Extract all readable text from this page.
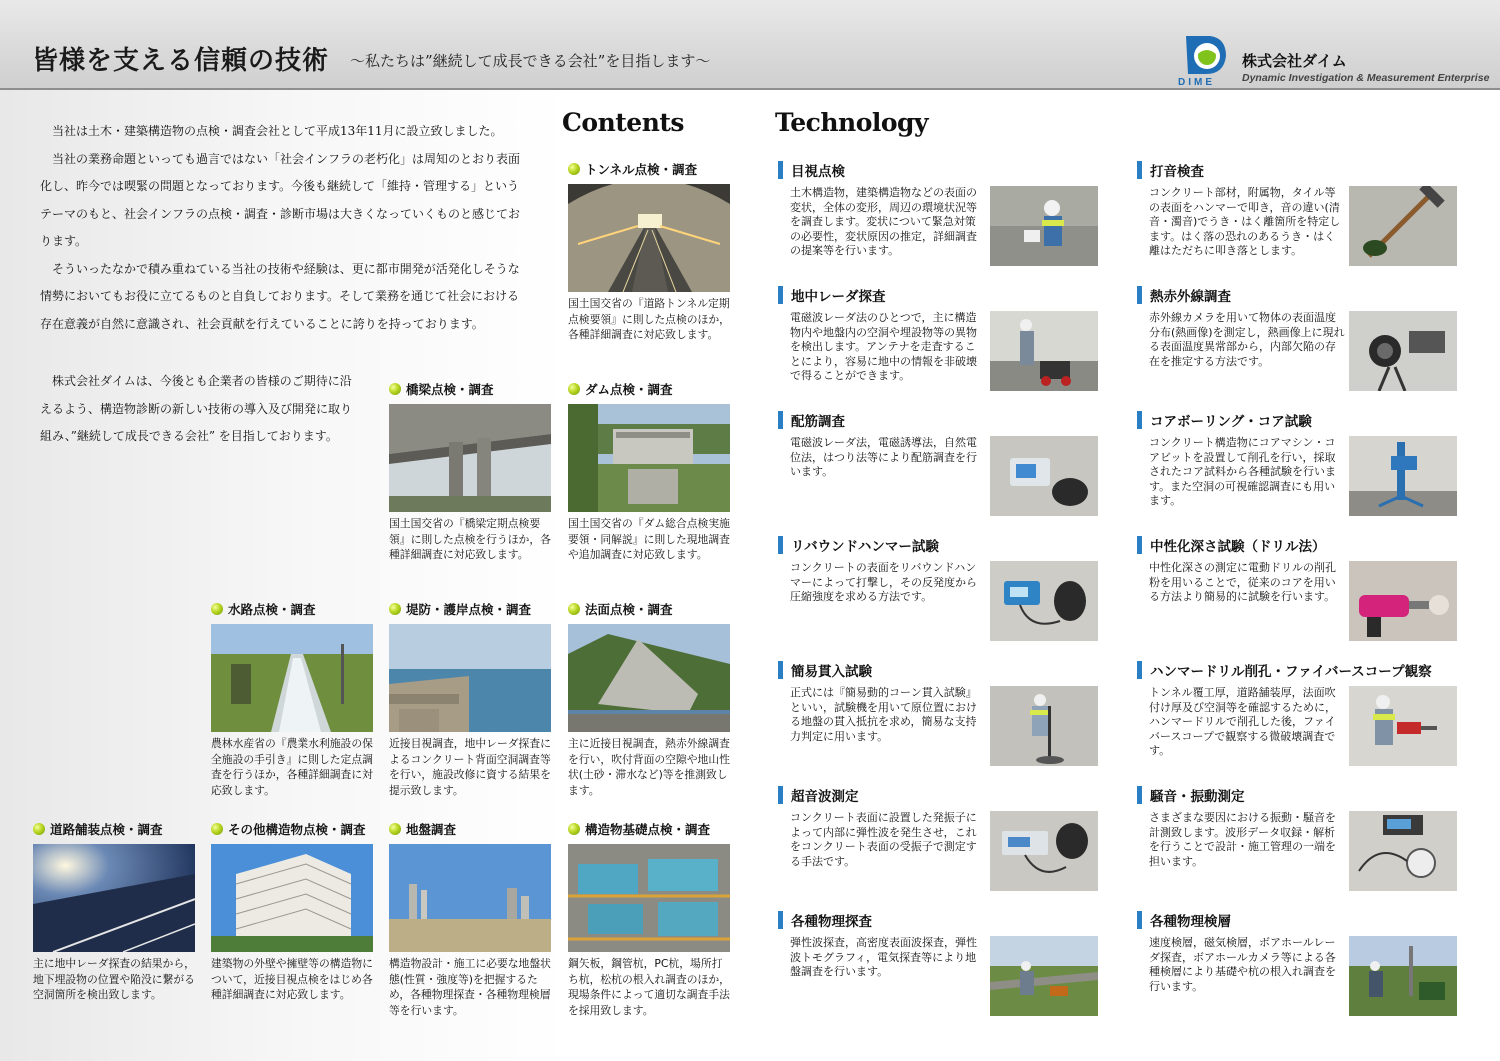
皆様を支える信頼の技術 ～私たちは”継続して成長できる会社”を目指します～
DIME
株式会社ダイム
Dynamic Investigation & Measurement Enterprise

当社は土木・建築構造物の点検・調査会社として平成13年11月に設立致しました。

当社の業務命題といっても過言ではない「社会インフラの老朽化」は周知のとおり表面化し、昨今では喫緊の問題となっております。今後も継続して「維持・管理する」というテーマのもと、社会インフラの点検・調査・診断市場は大きくなっていくものと感じております。

そういったなかで積み重ねている当社の技術や経験は、更に都市開発が活発化しそうな情勢においてもお役に立てるものと自負しております。そして業務を通じて社会における存在意義が自然に意識され、社会貢献を行えていることに誇りを持っております。

株式会社ダイムは、今後とも企業者の皆様のご期待に沿えるよう、構造物診断の新しい技術の導入及び開発に取り組み、”継続して成長できる会社” を目指しております。
Contents	Technology
トンネル点検・調査
国土国交省の『道路トンネル定期点検要領』に則した点検のほか，各種詳細調査に対応致します。
橋梁点検・調査
国土国交省の『橋梁定期点検要領』に則した点検を行うほか，各種詳細調査に対応致します。
ダム点検・調査
国土国交省の『ダム総合点検実施要領・同解説』に則した現地調査や追加調査に対応致します。
水路点検・調査
農林水産省の『農業水利施設の保全施設の手引き』に則した定点調査を行うほか，各種詳細調査に対応致します。
堤防・護岸点検・調査
近接目視調査，地中レーダ探査によるコンクリート背面空洞調査等を行い，施設改修に資する結果を提示致します。
法面点検・調査
主に近接目視調査，熱赤外線調査を行い，吹付背面の空隙や地山性状(土砂・滞水など)等を推測致します。
道路舗装点検・調査
主に地中レーダ探査の結果から，地下埋設物の位置や陥没に繋がる空洞箇所を検出致します。
その他構造物点検・調査
建築物の外壁や擁壁等の構造物について，近接目視点検をはじめ各種詳細調査に対応致します。
地盤調査
構造物設計・施工に必要な地盤状態(性質・強度等)を把握するため，各種物理探査・各種物理検層等を行います。
構造物基礎点検・調査
鋼矢板，鋼管杭，PC杭，場所打ち杭，松杭の根入れ調査のほか，現場条件によって適切な調査手法を採用致します。
目視点検
土木構造物，建築構造物などの表面の変状，全体の変形，周辺の環境状況等を調査します。変状について緊急対策の必要性，変状原因の推定，詳細調査の提案等を行います。
打音検査
コンクリート部材，附属物，タイル等の表面をハンマーで叩き，音の違い(清音・濁音)でうき・はく離箇所を特定します。はく落の恐れのあるうき・はく離はただちに叩き落とします。
地中レーダ探査
電磁波レーダ法のひとつで，主に構造物内や地盤内の空洞や埋設物等の異物を検出します。アンテナを走査することにより，容易に地中の情報を非破壊で得ることができます。
熱赤外線調査
赤外線カメラを用いて物体の表面温度分布(熱画像)を測定し，熱画像上に現れる表面温度異常部から，内部欠陥の存在を推定する方法です。
配筋調査
電磁波レーダ法，電磁誘導法，自然電位法，はつり法等により配筋調査を行います。
コアボーリング・コア試験
コンクリート構造物にコアマシン・コアビットを設置して削孔を行い，採取されたコア試料から各種試験を行います。また空洞の可視確認調査にも用います。
リバウンドハンマー試験
コンクリートの表面をリバウンドハンマーによって打撃し，その反発度から圧縮強度を求める方法です。
中性化深さ試験（ドリル法）
中性化深さの測定に電動ドリルの削孔粉を用いることで，従来のコアを用いる方法より簡易的に試験を行います。
簡易貫入試験
正式には『簡易動的コーン貫入試験』といい，試験機を用いて原位置における地盤の貫入抵抗を求め，簡易な支持力判定に用います。
ハンマードリル削孔・ファイバースコープ観察
トンネル覆工厚，道路舗装厚，法面吹付け厚及び空洞等を確認するために，ハンマードリルで削孔した後，ファイバースコープで観察する微破壊調査です。
超音波測定
コンクリート表面に設置した発振子によって内部に弾性波を発生させ，これをコンクリート表面の受振子で測定する手法です。
騒音・振動測定
さまざまな要因における振動・騒音を計測致します。波形データ収録・解析を行うことで設計・施工管理の一端を担います。
各種物理探査
弾性波探査，高密度表面波探査，弾性波トモグラフィ，電気探査等により地盤調査を行います。
各種物理検層
速度検層，磁気検層，ボアホールレーダ探査，ボアホールカメラ等による各種検層により基礎や杭の根入れ調査を行います。
